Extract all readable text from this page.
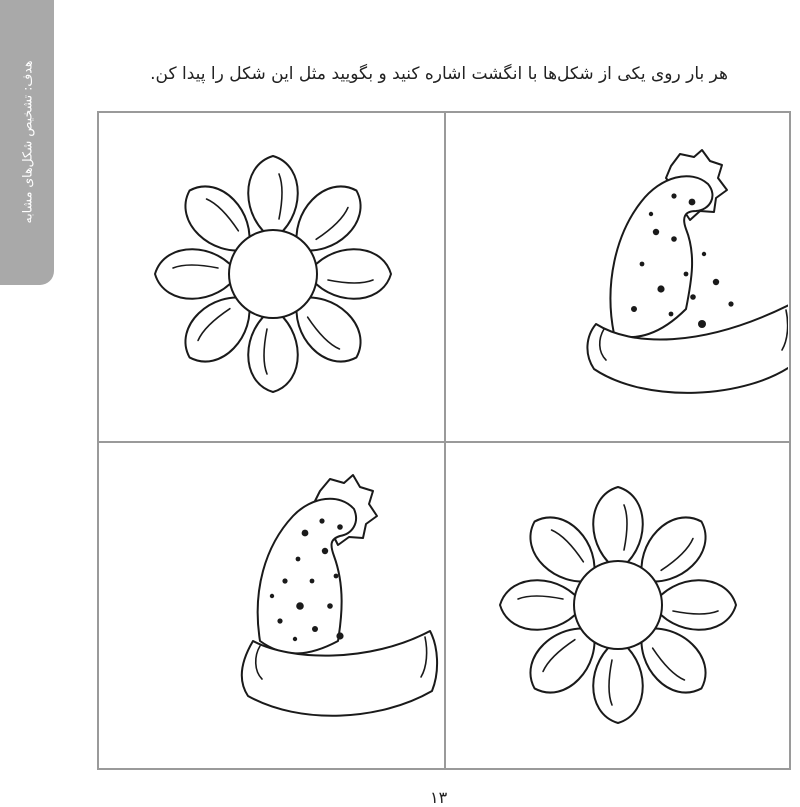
هدف: تشخیص شکل‌های مشابه	هر بار روی یکی از شکل‌ها با انگشت اشاره کنید و بگویید مثل این شکل را پیدا کن.
۱۳
